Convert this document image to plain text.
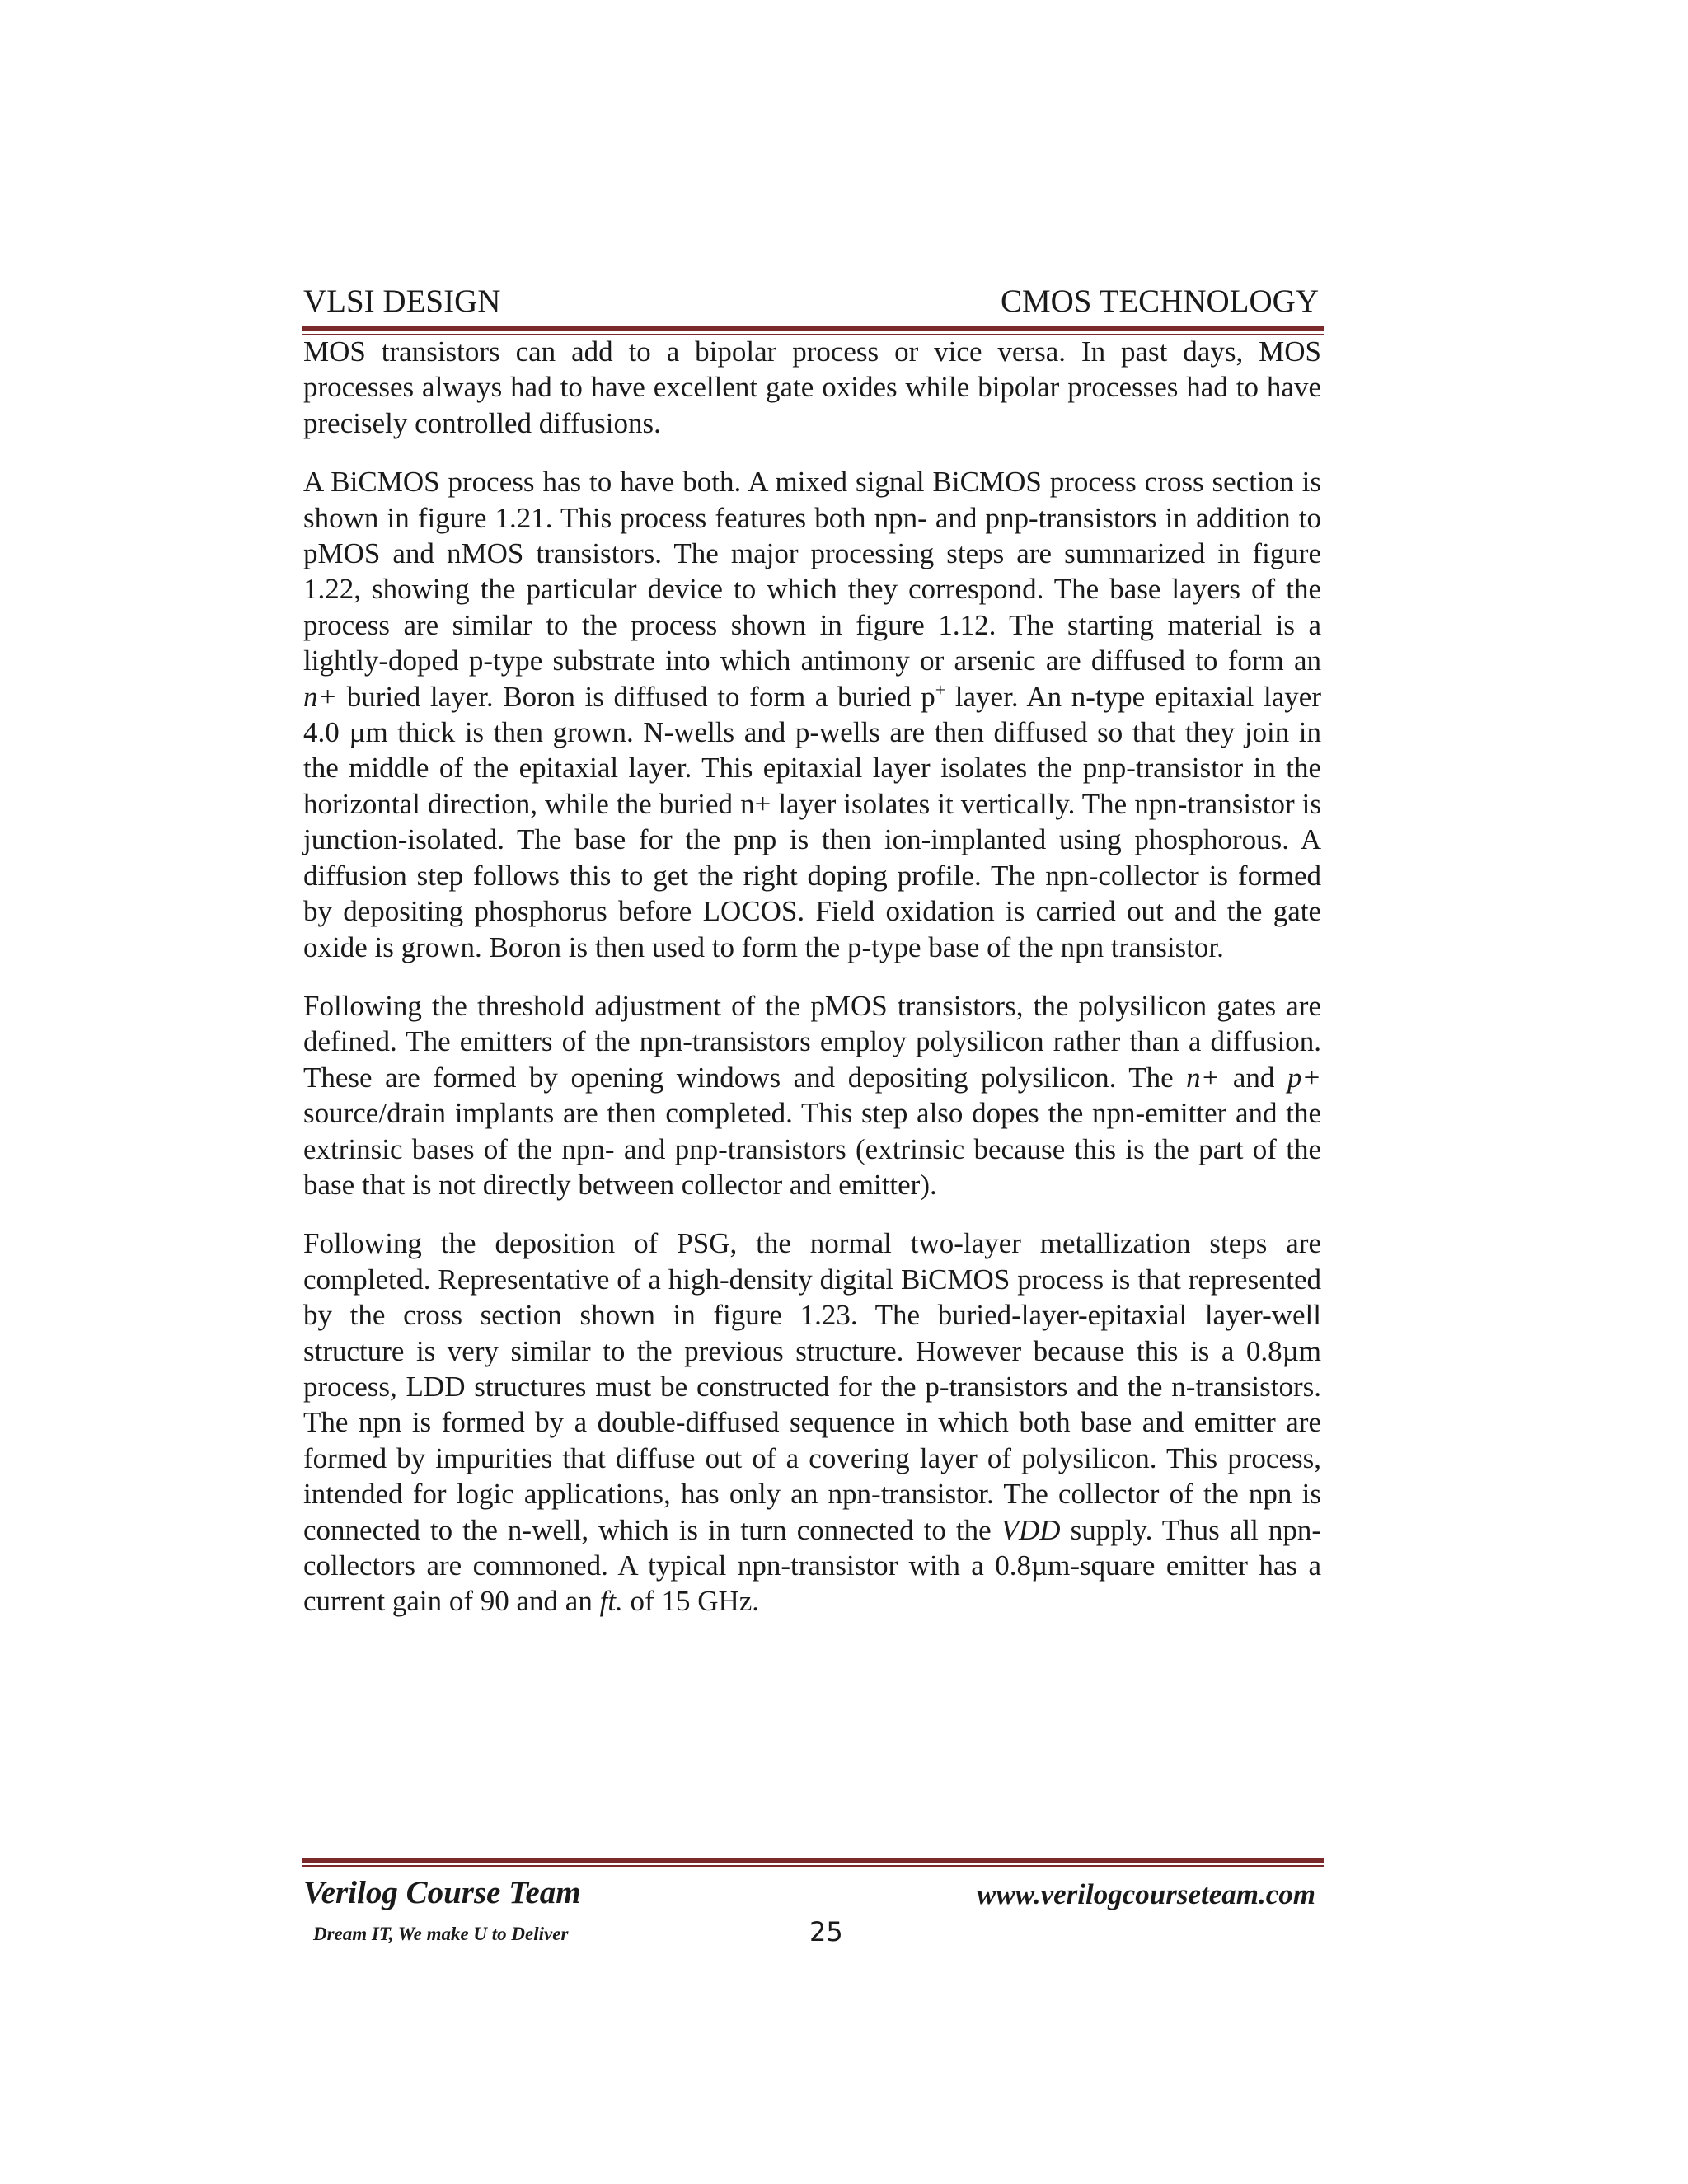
VLSI DESIGN	CMOS TECHNOLOGY

MOS transistors can add to a bipolar process or vice versa. In past days, MOS processes always had to have excellent gate oxides while bipolar processes had to have precisely controlled diffusions.

A BiCMOS process has to have both. A mixed signal BiCMOS process cross section is shown in figure 1.21. This process features both npn- and pnp-transistors in addition to pMOS and nMOS transistors. The major processing steps are summarized in figure 1.22, showing the particular device to which they correspond. The base layers of the process are similar to the process shown in figure 1.12. The starting material is a lightly-doped p-type substrate into which antimony or arsenic are diffused to form an n+ buried layer. Boron is diffused to form a buried p+ layer. An n-type epitaxial layer 4.0 µm thick is then grown. N-wells and p-wells are then diffused so that they join in the middle of the epitaxial layer. This epitaxial layer isolates the pnp-transistor in the horizontal direction, while the buried n+ layer isolates it vertically. The npn-transistor is junction-isolated. The base for the pnp is then ion-implanted using phosphorous. A diffusion step follows this to get the right doping profile. The npn-collector is formed by depositing phosphorus before LOCOS. Field oxidation is carried out and the gate oxide is grown. Boron is then used to form the p-type base of the npn transistor.

Following the threshold adjustment of the pMOS transistors, the polysilicon gates are defined. The emitters of the npn-transistors employ polysilicon rather than a diffusion. These are formed by opening windows and depositing polysilicon. The n+ and p+ source/drain implants are then completed. This step also dopes the npn-emitter and the extrinsic bases of the npn- and pnp-transistors (extrinsic because this is the part of the base that is not directly between collector and emitter).

Following the deposition of PSG, the normal two-layer metallization steps are completed. Representative of a high-density digital BiCMOS process is that represented by the cross section shown in figure 1.23. The buried-layer-epitaxial layer-well structure is very similar to the previous structure. However because this is a 0.8µm process, LDD structures must be constructed for the p-transistors and the n-transistors. The npn is formed by a double-diffused sequence in which both base and emitter are formed by impurities that diffuse out of a covering layer of polysilicon. This process, intended for logic applications, has only an npn-transistor. The collector of the npn is connected to the n-well, which is in turn connected to the VDD supply. Thus all npn-collectors are commoned. A typical npn-transistor with a 0.8µm-square emitter has a current gain of 90 and an ft. of 15 GHz.

Verilog Course Team	www.verilogcourseteam.com
Dream IT, We make U to Deliver	25
